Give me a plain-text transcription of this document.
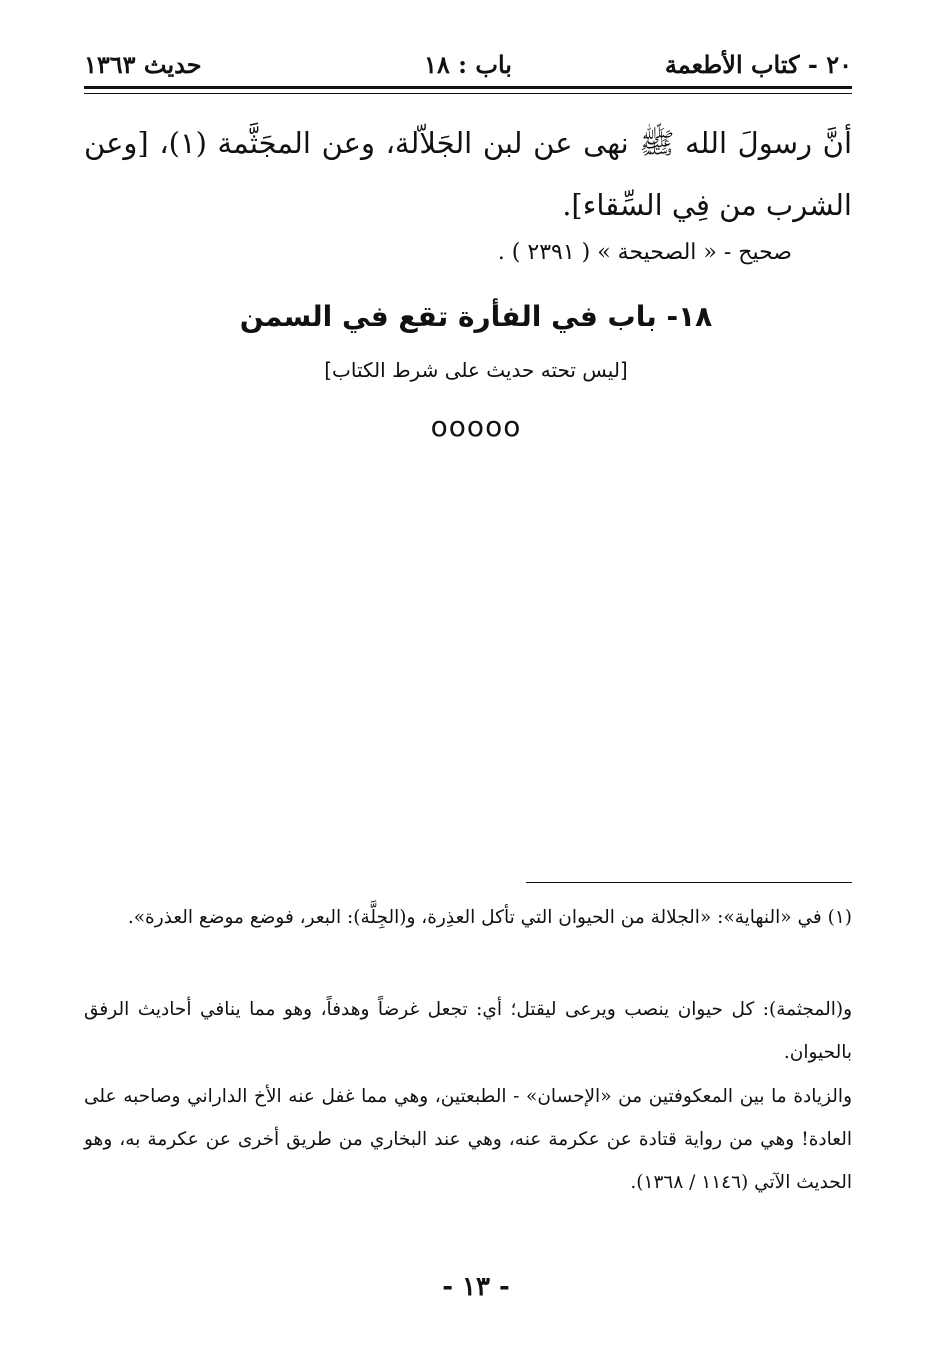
٢٠ - كتاب الأطعمة
باب : ١٨
حديث ١٣٦٣
أنَّ رسولَ الله ﷺ نهى عن لبن الجَلاّلة، وعن المجَثَّمة (١)، [وعن الشرب من فِي السِّقاء].
صحيح - « الصحيحة » ( ٢٣٩١ ) .
١٨- باب في الفأرة تقع في السمن
[ليس تحته حديث على شرط الكتاب]
ooooo
(١) في «النهاية»: «الجلالة من الحيوان التي تأكل العذِرة، و(الجِلَّة): البعر، فوضع موضع العذرة».
و(المجثمة): كل حيوان ينصب ويرعى ليقتل؛ أي: تجعل غرضاً وهدفاً، وهو مما ينافي أحاديث الرفق بالحيوان.
والزيادة ما بين المعكوفتين من «الإحسان» - الطبعتين، وهي مما غفل عنه الأخ الداراني وصاحبه على العادة! وهي من رواية قتادة عن عكرمة عنه، وهي عند البخاري من طريق أخرى عن عكرمة به، وهو الحديث الآتي (١١٤٦ / ١٣٦٨).
- ١٣ -
